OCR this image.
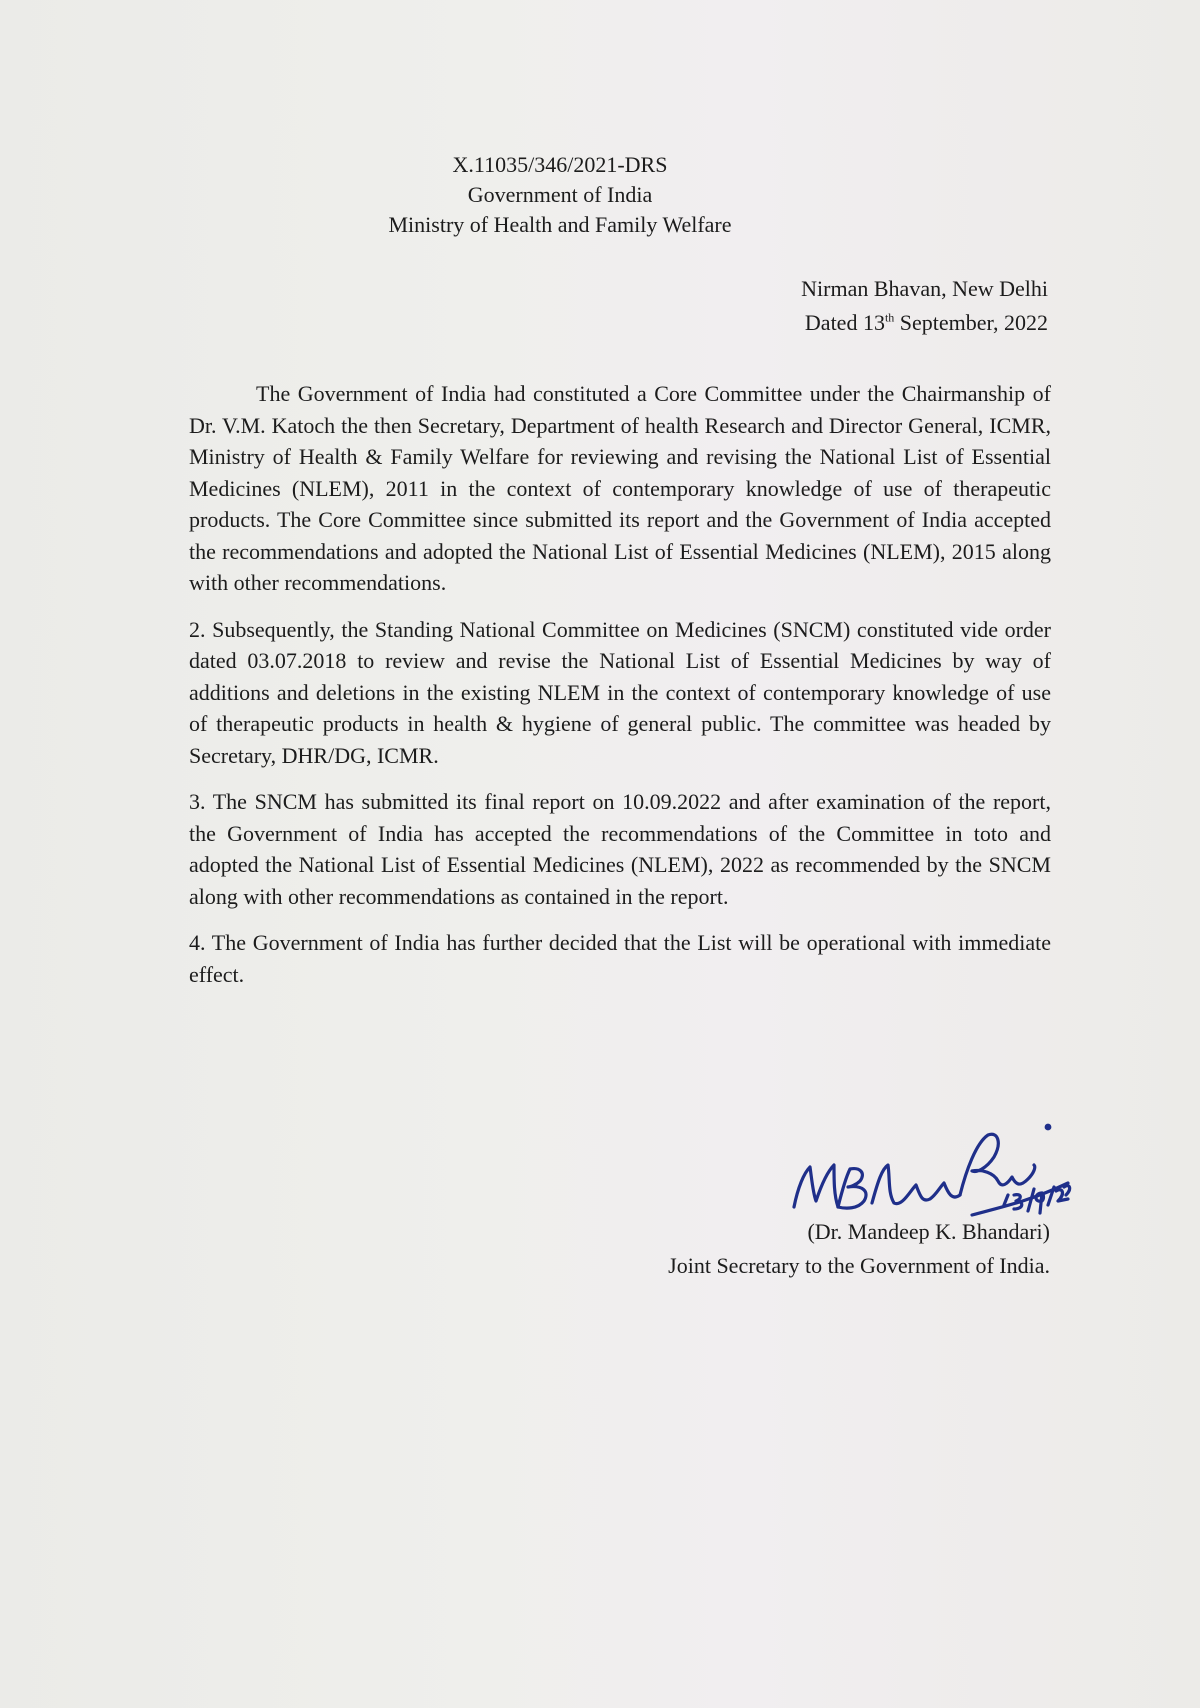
X.11035/346/2021-DRS
Government of India
Ministry of Health and Family Welfare
Nirman Bhavan, New Delhi
Dated 13th September, 2022

The Government of India had constituted a Core Committee under the Chairmanship of Dr. V.M. Katoch the then Secretary, Department of health Research and Director General, ICMR, Ministry of Health & Family Welfare for reviewing and revising the National List of Essential Medicines (NLEM), 2011 in the context of contemporary knowledge of use of therapeutic products. The Core Committee since submitted its report and the Government of India accepted the recommendations and adopted the National List of Essential Medicines (NLEM), 2015 along with other recommendations.

2. Subsequently, the Standing National Committee on Medicines (SNCM) constituted vide order dated 03.07.2018 to review and revise the National List of Essential Medicines by way of additions and deletions in the existing NLEM in the context of contemporary knowledge of use of therapeutic products in health & hygiene of general public. The committee was headed by Secretary, DHR/DG, ICMR.

3. The SNCM has submitted its final report on 10.09.2022 and after examination of the report, the Government of India has accepted the recommendations of the Committee in toto and adopted the National List of Essential Medicines (NLEM), 2022 as recommended by the SNCM along with other recommendations as contained in the report.

4. The Government of India has further decided that the List will be operational with immediate effect.

(Dr. Mandeep K. Bhandari)
Joint Secretary to the Government of India.
